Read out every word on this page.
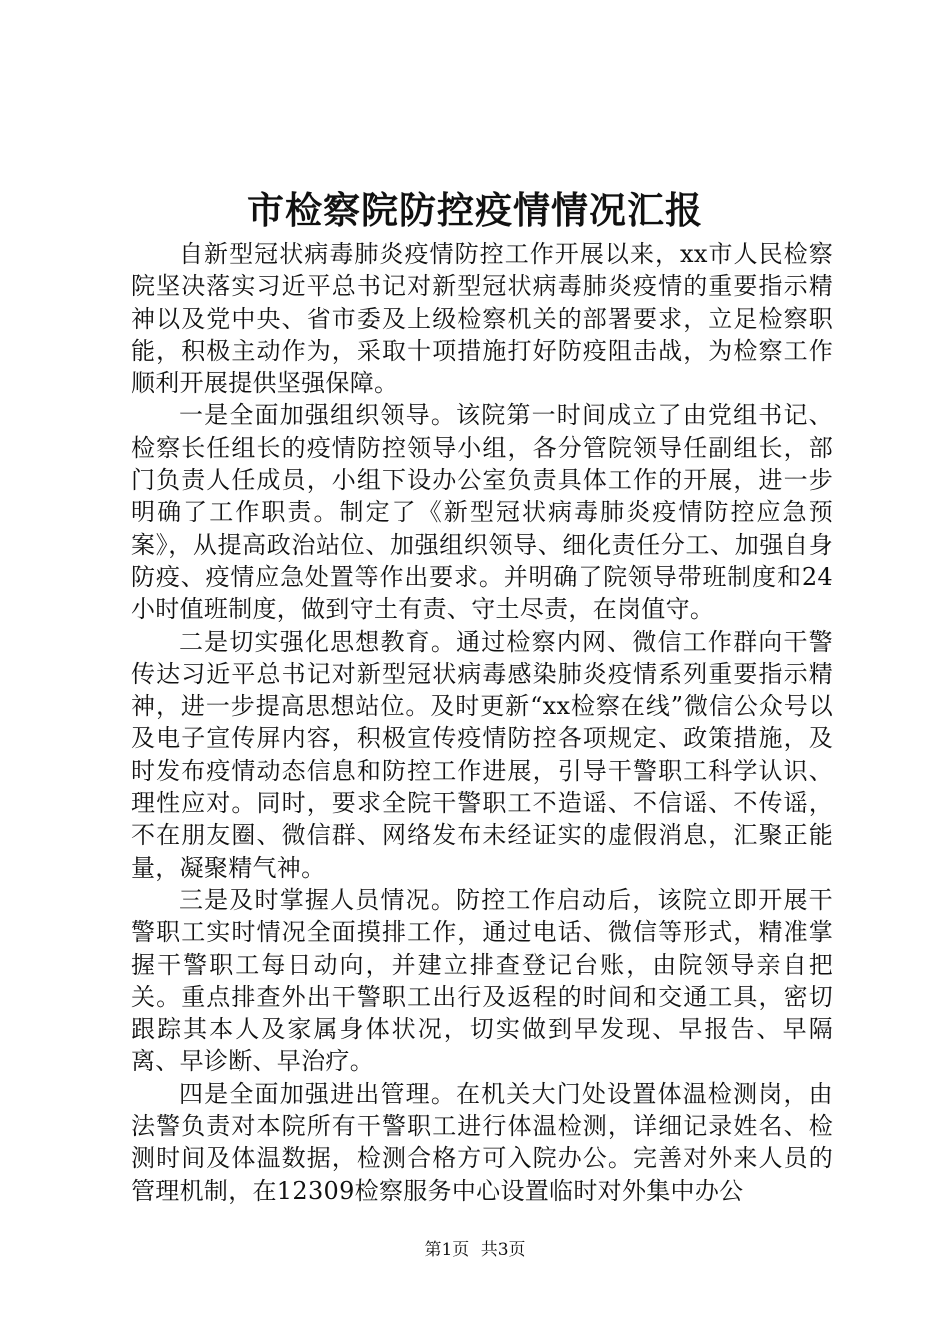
市检察院防控疫情情况汇报

自新型冠状病毒肺炎疫情防控工作开展以来，xx市人民检察院坚决落实习近平总书记对新型冠状病毒肺炎疫情的重要指示精神以及党中央、省市委及上级检察机关的部署要求，立足检察职能，积极主动作为，采取十项措施打好防疫阻击战，为检察工作顺利开展提供坚强保障。

一是全面加强组织领导。该院第一时间成立了由党组书记、检察长任组长的疫情防控领导小组，各分管院领导任副组长，部门负责人任成员，小组下设办公室负责具体工作的开展，进一步明确了工作职责。制定了《新型冠状病毒肺炎疫情防控应急预案》，从提高政治站位、加强组织领导、细化责任分工、加强自身防疫、疫情应急处置等作出要求。并明确了院领导带班制度和24小时值班制度，做到守土有责、守土尽责，在岗值守。

二是切实强化思想教育。通过检察内网、微信工作群向干警传达习近平总书记对新型冠状病毒感染肺炎疫情系列重要指示精神，进一步提高思想站位。及时更新“xx检察在线”微信公众号以及电子宣传屏内容，积极宣传疫情防控各项规定、政策措施，及时发布疫情动态信息和防控工作进展，引导干警职工科学认识、理性应对。同时，要求全院干警职工不造谣、不信谣、不传谣，不在朋友圈、微信群、网络发布未经证实的虚假消息，汇聚正能量，凝聚精气神。

三是及时掌握人员情况。防控工作启动后，该院立即开展干警职工实时情况全面摸排工作，通过电话、微信等形式，精准掌握干警职工每日动向，并建立排查登记台账，由院领导亲自把关。重点排查外出干警职工出行及返程的时间和交通工具，密切跟踪其本人及家属身体状况，切实做到早发现、早报告、早隔离、早诊断、早治疗。

四是全面加强进出管理。在机关大门处设置体温检测岗，由法警负责对本院所有干警职工进行体温检测，详细记录姓名、检测时间及体温数据，检测合格方可入院办公。完善对外来人员的管理机制，在12309检察服务中心设置临时对外集中办公

第1页 共3页
